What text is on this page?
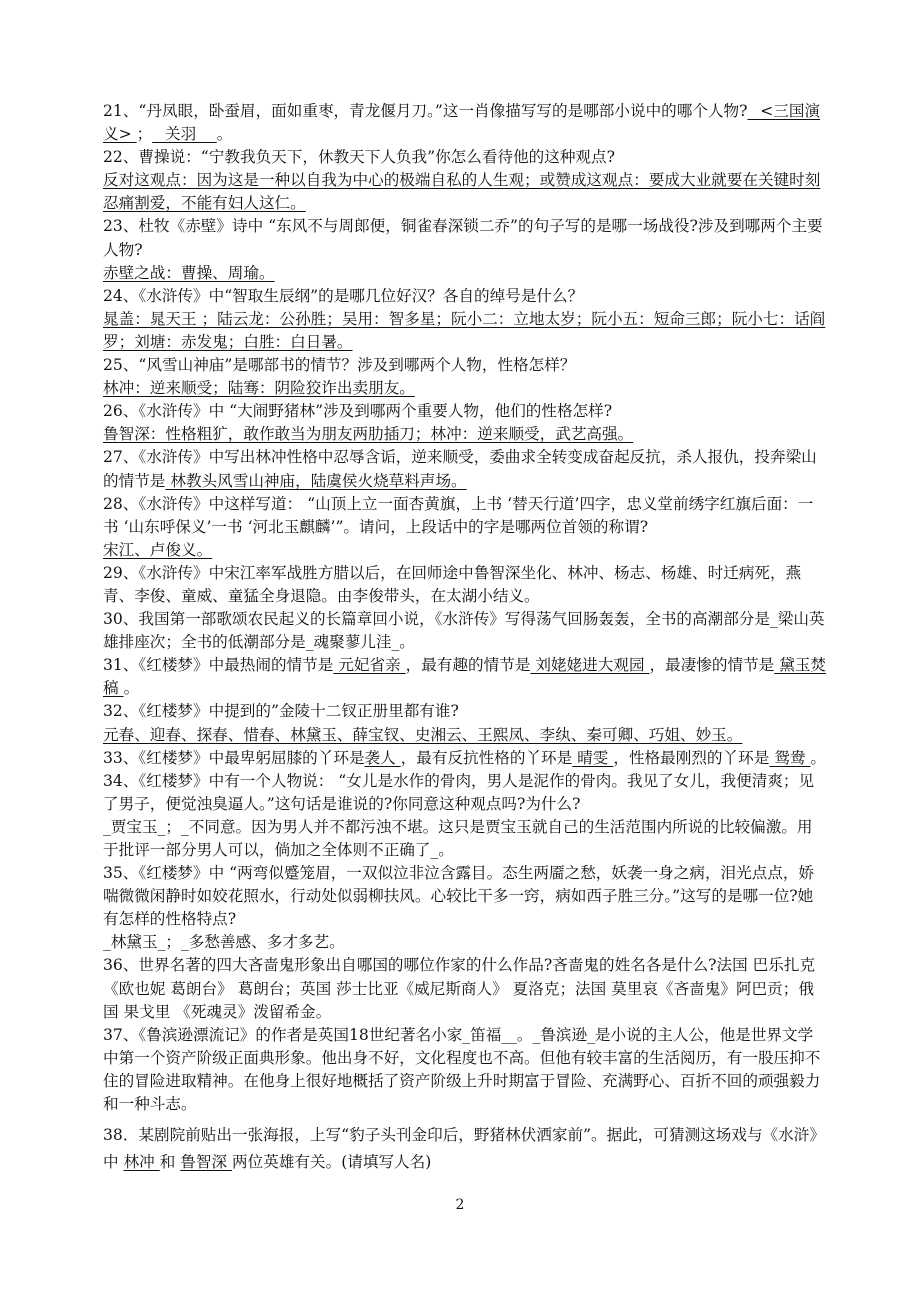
21、“丹凤眼，卧蚕眉，面如重枣，青龙偃月刀。”这一肖像描写写的是哪部小说中的哪个人物?_ <三国演义> ；_ 关羽_ _。

22、曹操说：“宁教我负天下，休教天下人负我”你怎么看待他的这种观点?
反对这观点：因为这是一种以自我为中心的极端自私的人生观；或赞成这观点：要成大业就要在关键时刻忍痛割爱，不能有妇人这仁。

23、杜牧《赤壁》诗中 “东风不与周郎便，铜雀春深锁二乔”的句子写的是哪一场战役?涉及到哪两个主要人物?
赤壁之战：曹操、周瑜。

24、《水浒传》中“智取生辰纲”的是哪几位好汉？各自的绰号是什么？
晁盖：晁天王 ；陆云龙：公孙胜；吴用：智多星；阮小二：立地太岁；阮小五：短命三郎；阮小七：话阎罗；刘塘：赤发鬼；白胜：白日暑。

25、“风雪山神庙”是哪部书的情节？涉及到哪两个人物，性格怎样？
林冲：逆来顺受；陆骞：阴险狡诈出卖朋友。

26、《水浒传》中 “大闹野猪林”涉及到哪两个重要人物，他们的性格怎样?
鲁智深：性格粗犷，敢作敢当为朋友两肋插刀；林冲：逆来顺受，武艺高强。

27、《水浒传》中写出林冲性格中忍辱含诟，逆来顺受，委曲求全转变成奋起反抗，杀人报仇，投奔梁山的情节是 林教头风雪山神庙，陆虞侯火烧草料声场。

28、《水浒传》中这样写道： “山顶上立一面杏黄旗，上书 ‘替天行道’四字，忠义堂前绣字红旗后面：一书 ‘山东呼保义’一书 ‘河北玉麒麟’”。请问，上段话中的字是哪两位首领的称谓?
宋江、卢俊义。

29、《水浒传》中宋江率军战胜方腊以后，在回师途中鲁智深坐化、林冲、杨志、杨雄、时迁病死，燕青、李俊、童威、童猛全身退隐。由李俊带头，在太湖小结义。

30、我国第一部歌颂农民起义的长篇章回小说，《水浒传》写得荡气回肠轰轰，全书的高潮部分是_梁山英雄排座次；全书的低潮部分是_魂聚蓼儿洼_。

31、《红楼梦》中最热闹的情节是 元妃省亲 ，最有趣的情节是 刘姥姥进大观园 ，最凄惨的情节是 黛玉焚稿 。

32、《红楼梦》中提到的”金陵十二钗正册里都有谁?
元春、迎春、探春、惜春、林黛玉、薛宝钗、史湘云、王熙凤、李纨、秦可卿、巧姐、妙玉。

33、《红楼梦》中最卑躬屈膝的丫环是袭人 ，最有反抗性格的丫环是 晴雯 ，性格最刚烈的丫环是 鸳鸯 。

34、《红楼梦》中有一个人物说： “女儿是水作的骨肉，男人是泥作的骨肉。我见了女儿，我便清爽；见了男子，便觉浊臭逼人。”这句话是谁说的?你同意这种观点吗?为什么?
_贾宝玉_；_不同意。因为男人并不都污浊不堪。这只是贾宝玉就自己的生活范围内所说的比较偏激。用于批评一部分男人可以，倘加之全体则不正确了_。

35、《红楼梦》中 “两弯似蹙笼眉，一双似泣非泣含露目。态生两靥之愁，妖袭一身之病，泪光点点，娇喘微微闲静时如姣花照水，行动处似弱柳扶风。心较比干多一窍，病如西子胜三分。”这写的是哪一位?她有怎样的性格特点?
_林黛玉_；_多愁善感、多才多艺。

36、世界名著的四大吝啬鬼形象出自哪国的哪位作家的什么作品?吝啬鬼的姓名各是什么?法国 巴乐扎克《欧也妮 葛朗台》 葛朗台；英国 莎士比亚《威尼斯商人》 夏洛克；法国 莫里哀《吝啬鬼》阿巴贡；俄国 果戈里 《死魂灵》泼留希金。

37、《鲁滨逊漂流记》的作者是英国18世纪著名小家_笛福__。_鲁滨逊_是小说的主人公，他是世界文学中第一个资产阶级正面典形象。他出身不好，文化程度也不高。但他有较丰富的生活阅历，有一股压抑不住的冒险进取精神。在他身上很好地概括了资产阶级上升时期富于冒险、充满野心、百折不回的顽强毅力和一种斗志。

38．某剧院前贴出一张海报，上写“豹子头刊金印后，野猪林伏洒家前”。据此，可猜测这场戏与《水浒》中 林冲 和 鲁智深 两位英雄有关。(请填写人名)

2
